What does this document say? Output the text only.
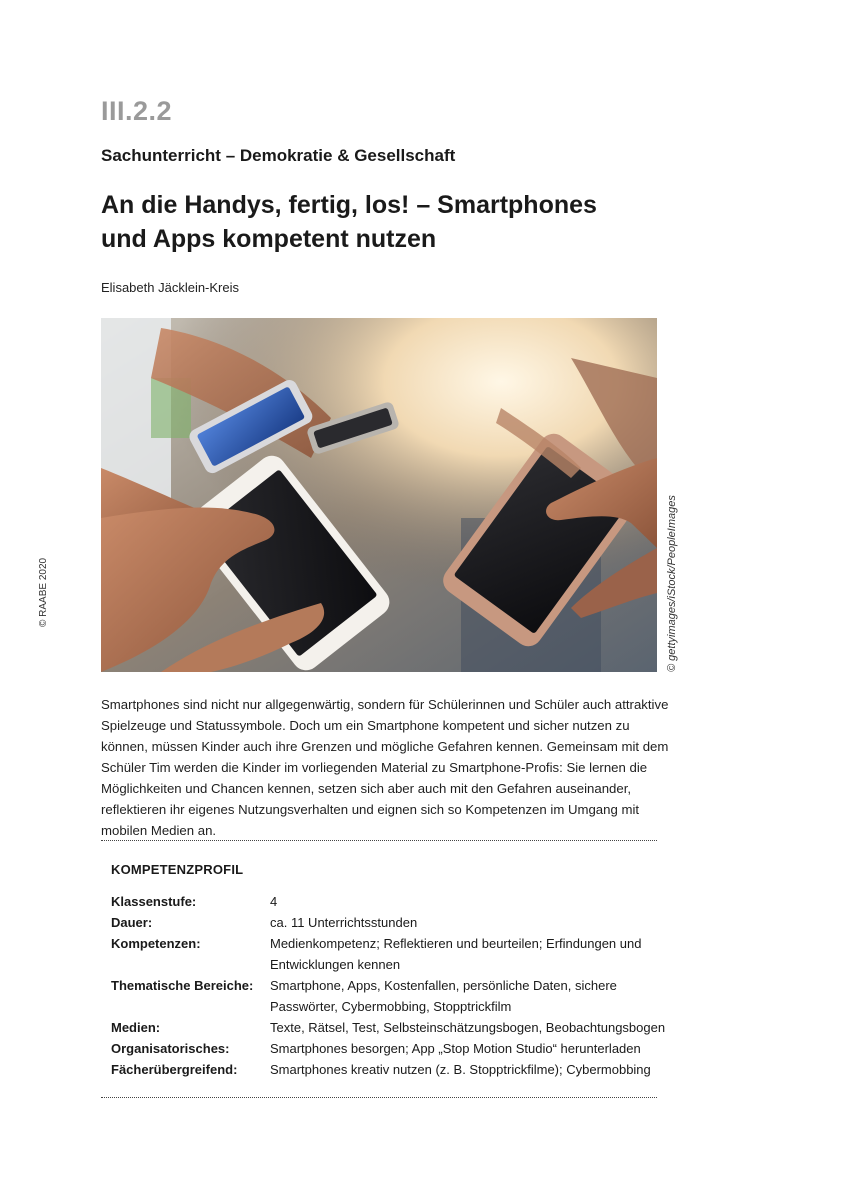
III.2.2
Sachunterricht – Demokratie & Gesellschaft
An die Handys, fertig, los! – Smartphones
und Apps kompetent nutzen
Elisabeth Jäcklein-Kreis
© gettyimages/iStock/PeopleImages
© RAABE 2020
Smartphones sind nicht nur allgegenwärtig, sondern für Schülerinnen und Schüler auch attraktive Spielzeuge und Statussymbole. Doch um ein Smartphone kompetent und sicher nutzen zu können, müssen Kinder auch ihre Grenzen und mögliche Gefahren kennen. Gemeinsam mit dem Schüler Tim werden die Kinder im vorliegenden Material zu Smartphone-Profis: Sie lernen die Möglichkeiten und Chancen kennen, setzen sich aber auch mit den Gefahren auseinander, reflektieren ihr eigenes Nutzungsverhalten und eignen sich so Kompetenzen im Umgang mit mobilen Medien an.
KOMPETENZPROFIL
Klassenstufe:	4
Dauer:	ca. 11 Unterrichtsstunden
Kompetenzen:	Medienkompetenz; Reflektieren und beurteilen; Erfindungen und Entwicklungen kennen
Thematische Bereiche:	Smartphone, Apps, Kostenfallen, persönliche Daten, sichere Passwörter, Cybermobbing, Stopptrickfilm
Medien:	Texte, Rätsel, Test, Selbsteinschätzungsbogen, Beobachtungsbogen
Organisatorisches:	Smartphones besorgen; App „Stop Motion Studio“ herunterladen
Fächerübergreifend:	Smartphones kreativ nutzen (z. B. Stopptrickfilme); Cybermobbing
